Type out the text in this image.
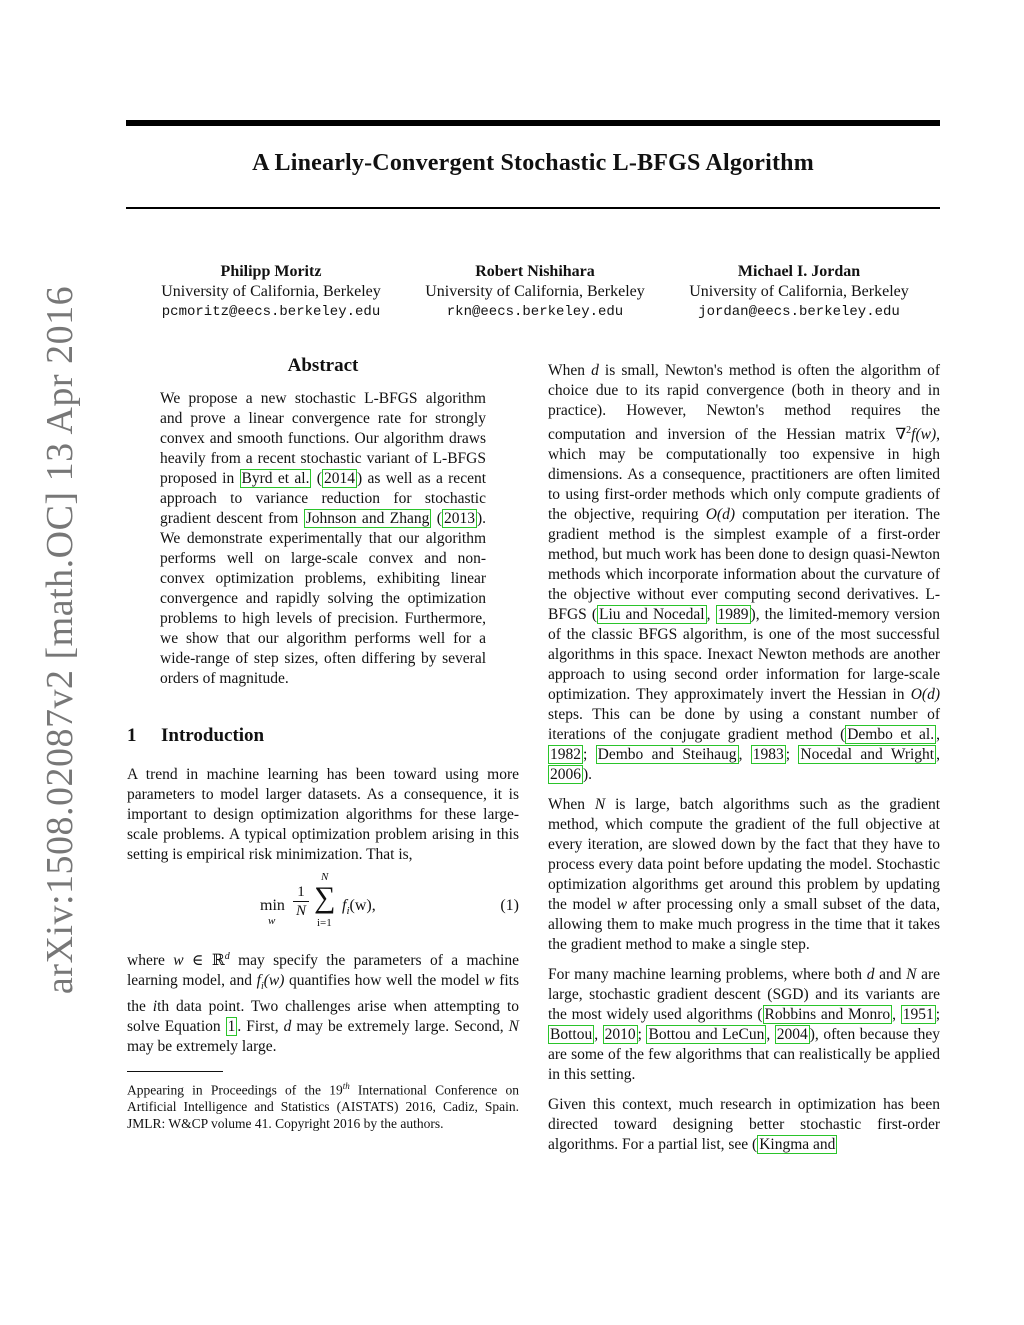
A Linearly-Convergent Stochastic L-BFGS Algorithm
Philipp Moritz
University of California, Berkeley
pcmoritz@eecs.berkeley.edu
Robert Nishihara
University of California, Berkeley
rkn@eecs.berkeley.edu
Michael I. Jordan
University of California, Berkeley
jordan@eecs.berkeley.edu
arXiv:1508.02087v2 [math.OC] 13 Apr 2016	Abstract
We propose a new stochastic L-BFGS algorithm and prove a linear convergence rate for strongly convex and smooth functions. Our algorithm draws heavily from a recent stochastic variant of L-BFGS proposed in Byrd et al. ( 2014 ) as well as a recent approach to variance reduction for stochastic gradient descent from Johnson and Zhang ( 2013 ). We demonstrate experimentally that our algorithm performs well on large-scale convex and non-convex optimization problems, exhibiting linear convergence and rapidly solving the optimization problems to high levels of precision. Furthermore, we show that our algorithm performs well for a wide-range of step sizes, often differing by several orders of magnitude.
1 Introduction

A trend in machine learning has been toward using more parameters to model larger datasets. As a consequence, it is important to design optimization algorithms for these large-scale problems. A typical optimization problem arising in this setting is empirical risk minimization. That is,

min
w
$\frac{1}{N}$
N
∑
i=1
$f_i(w)$,	(1)

where w ∈ ℝ$^d$ may specify the parameters of a machine learning model, and $f_i(w)$ quantifies how well the model w fits the ith data point. Two challenges arise when attempting to solve Equation 1 . First, d may be extremely large. Second, N may be extremely large.

Appearing in Proceedings of the 19th International Conference on Artificial Intelligence and Statistics (AISTATS) 2016, Cadiz, Spain. JMLR: W&CP volume 41. Copyright 2016 by the authors.

When d is small, Newton's method is often the algorithm of choice due to its rapid convergence (both in theory and in practice). However, Newton's method requires the computation and inversion of the Hessian matrix ∇$^2$f(w), which may be computationally too expensive in high dimensions. As a consequence, practitioners are often limited to using first-order methods which only compute gradients of the objective, requiring O(d) computation per iteration. The gradient method is the simplest example of a first-order method, but much work has been done to design quasi-Newton methods which incorporate information about the curvature of the objective without ever computing second derivatives. L-BFGS ( Liu and Nocedal , 1989 ), the limited-memory version of the classic BFGS algorithm, is one of the most successful algorithms in this space. Inexact Newton methods are another approach to using second order information for large-scale optimization. They approximately invert the Hessian in O(d) steps. This can be done by using a constant number of iterations of the conjugate gradient method ( Dembo et al. , 1982 ; Dembo and Steihaug , 1983 ; Nocedal and Wright , 2006 ).

When N is large, batch algorithms such as the gradient method, which compute the gradient of the full objective at every iteration, are slowed down by the fact that they have to process every data point before updating the model. Stochastic optimization algorithms get around this problem by updating the model w after processing only a small subset of the data, allowing them to make much progress in the time that it takes the gradient method to make a single step.

For many machine learning problems, where both d and N are large, stochastic gradient descent (SGD) and its variants are the most widely used algorithms ( Robbins and Monro , 1951 ; Bottou , 2010 ; Bottou and LeCun , 2004 ), often because they are some of the few algorithms that can realistically be applied in this setting.

Given this context, much research in optimization has been directed toward designing better stochastic first-order algorithms. For a partial list, see ( Kingma and
